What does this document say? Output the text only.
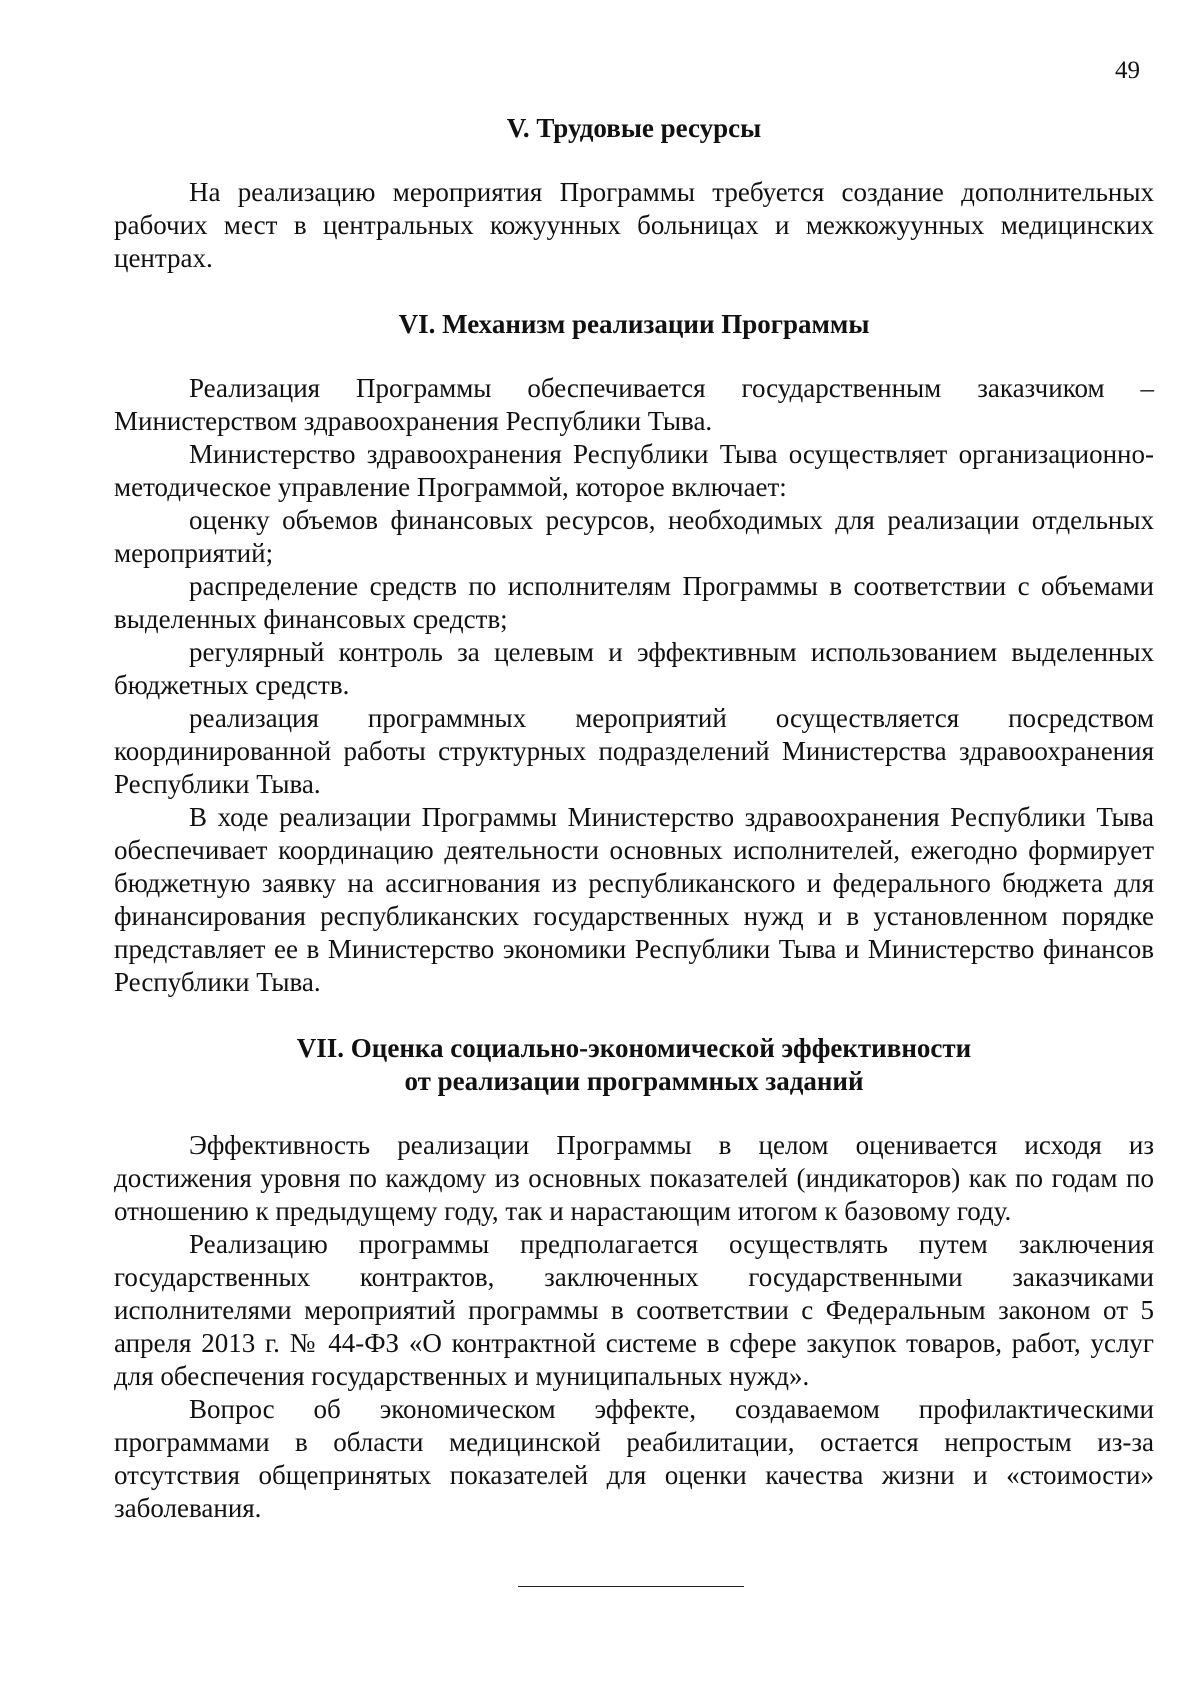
49
V. Трудовые ресурсы

На реализацию мероприятия Программы требуется создание дополнительных рабочих мест в центральных кожуунных больницах и межкожуунных медицинских центрах.

VI. Механизм реализации Программы

Реализация Программы обеспечивается государственным заказчиком – Министерством здравоохранения Республики Тыва.

Министерство здравоохранения Республики Тыва осуществляет организационно-методическое управление Программой, которое включает:

оценку объемов финансовых ресурсов, необходимых для реализации отдельных мероприятий;

распределение средств по исполнителям Программы в соответствии с объемами выделенных финансовых средств;

регулярный контроль за целевым и эффективным использованием выделенных бюджетных средств.

реализация программных мероприятий осуществляется посредством координированной работы структурных подразделений Министерства здравоохранения Республики Тыва.

В ходе реализации Программы Министерство здравоохранения Республики Тыва обеспечивает координацию деятельности основных исполнителей, ежегодно формирует бюджетную заявку на ассигнования из республиканского и федерального бюджета для финансирования республиканских государственных нужд и в установленном порядке представляет ее в Министерство экономики Республики Тыва и Министерство финансов Республики Тыва.

VII. Оценка социально-экономической эффективности
от реализации программных заданий

Эффективность реализации Программы в целом оценивается исходя из достижения уровня по каждому из основных показателей (индикаторов) как по годам по отношению к предыдущему году, так и нарастающим итогом к базовому году.

Реализацию программы предполагается осуществлять путем заключения государственных контрактов, заключенных государственными заказчиками исполнителями мероприятий программы в соответствии с Федеральным законом от 5 апреля 2013 г. № 44-ФЗ «О контрактной системе в сфере закупок товаров, работ, услуг для обеспечения государственных и муниципальных нужд».

Вопрос об экономическом эффекте, создаваемом профилактическими программами в области медицинской реабилитации, остается непростым из-за отсутствия общепринятых показателей для оценки качества жизни и «стоимости» заболевания.
